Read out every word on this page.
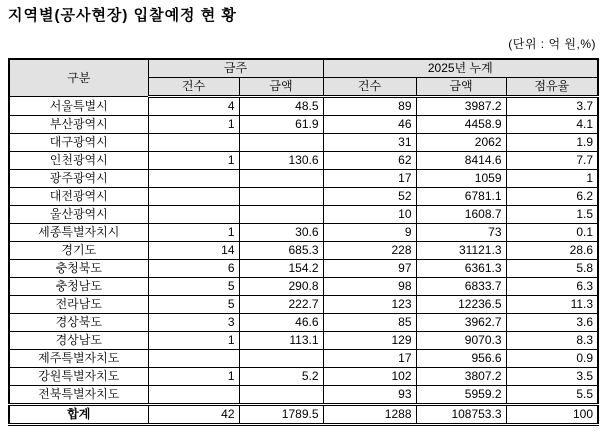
지역별(공사현장) 입찰예정 현 황
(단위 : 억 원,%)
구분	금주		2025년 누계		
	건수	금액	건수	금액	점유율
서울특별시	4	48.5	89	3987.2	3.7
부산광역시	1	61.9	46	4458.9	4.1
대구광역시			31	2062	1.9
인천광역시	1	130.6	62	8414.6	7.7
광주광역시			17	1059	1
대전광역시			52	6781.1	6.2
울산광역시			10	1608.7	1.5
세종특별자치시	1	30.6	9	73	0.1
경기도	14	685.3	228	31121.3	28.6
충청북도	6	154.2	97	6361.3	5.8
충청남도	5	290.8	98	6833.7	6.3
전라남도	5	222.7	123	12236.5	11.3
경상북도	3	46.6	85	3962.7	3.6
경상남도	1	113.1	129	9070.3	8.3
제주특별자치도			17	956.6	0.9
강원특별자치도	1	5.2	102	3807.2	3.5
전북특별자치도			93	5959.2	5.5
합계	42	1789.5	1288	108753.3	100
